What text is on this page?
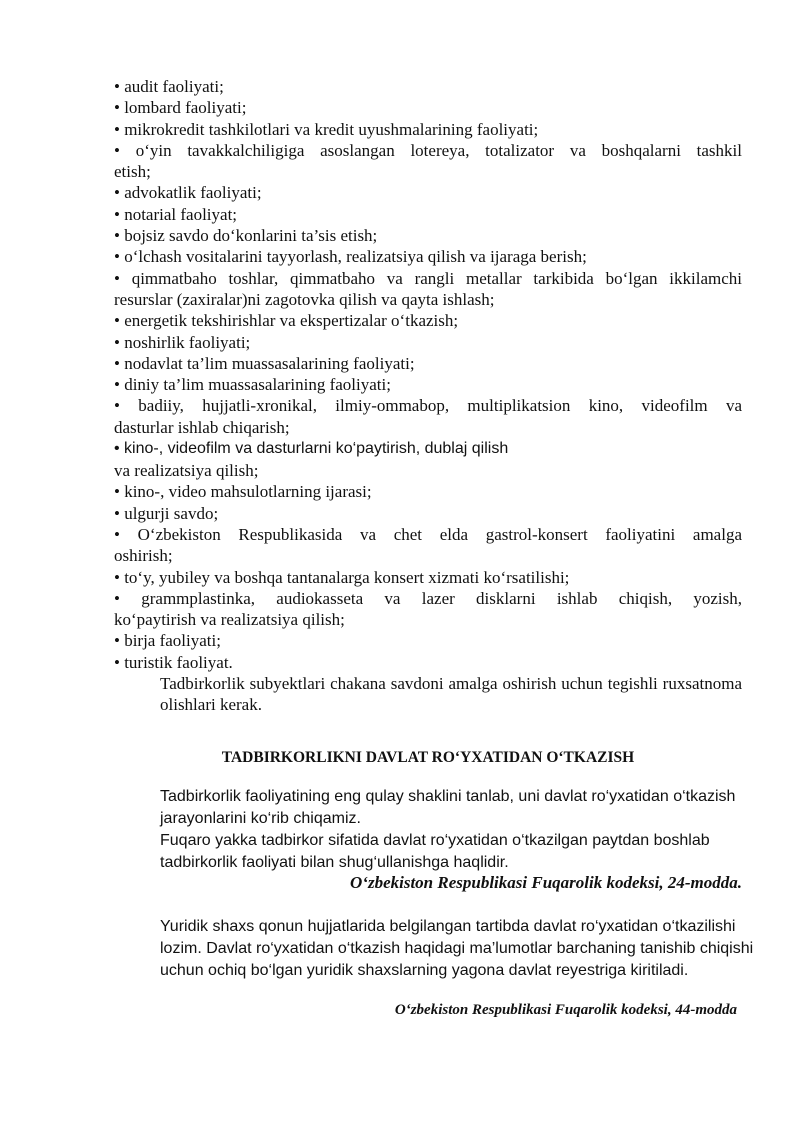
• audit faoliyati;
• lombard faoliyati;
• mikrokredit tashkilotlari va kredit uyushmalarining faoliyati;
• o‘yin tavakkalchiligiga asoslangan lotereya, totalizator va boshqalarni tashkil
etish;
• advokatlik faoliyati;
• notarial faoliyat;
• bojsiz savdo do‘konlarini ta’sis etish;
• o‘lchash vositalarini tayyorlash, realizatsiya qilish va ijaraga berish;
• qimmatbaho toshlar, qimmatbaho va rangli metallar tarkibida bo‘lgan ikkilamchi
resurslar (zaxiralar)ni zagotovka qilish va qayta ishlash;
• energetik tekshirishlar va ekspertizalar o‘tkazish;
• noshirlik faoliyati;
• nodavlat ta’lim muassasalarining faoliyati;
• diniy ta’lim muassasalarining faoliyati;
• badiiy, hujjatli-xronikal, ilmiy-ommabop, multiplikatsion kino, videofilm va
dasturlar ishlab chiqarish;
• kino-, videofilm va dasturlarni ko‘paytirish, dublaj qilish
va realizatsiya qilish;
• kino-, video mahsulotlarning ijarasi;
• ulgurji savdo;
• O‘zbekiston Respublikasida va chet elda gastrol-konsert faoliyatini amalga
oshirish;
• to‘y, yubiley va boshqa tantanalarga konsert xizmati ko‘rsatilishi;
• grammplastinka, audiokasseta va lazer disklarni ishlab chiqish, yozish,
ko‘paytirish va realizatsiya qilish;
• birja faoliyati;
• turistik faoliyat.
Tadbirkorlik subyektlari chakana savdoni amalga oshirish uchun tegishli ruxsatnoma olishlari kerak.
TADBIRKORLIKNI DAVLAT RO‘YXATIDAN O‘TKAZISH
Tadbirkorlik faoliyatining eng qulay shaklini tanlab, uni davlat ro‘yxatidan o‘tkazish jarayonlarini ko‘rib chiqamiz.
Fuqaro yakka tadbirkor sifatida davlat ro‘yxatidan o‘tkazilgan paytdan boshlab tadbirkorlik faoliyati bilan shug‘ullanishga haqlidir.
O‘zbekiston Respublikasi Fuqarolik kodeksi, 24-modda.
Yuridik shaxs qonun hujjatlarida belgilangan tartibda davlat ro‘yxatidan o‘tkazilishi lozim. Davlat ro‘yxatidan o‘tkazish haqidagi ma’lumotlar barchaning tanishib chiqishi uchun ochiq bo‘lgan yuridik shaxslarning yagona davlat reyestriga kiritiladi.
O‘zbekiston Respublikasi Fuqarolik kodeksi, 44-modda
